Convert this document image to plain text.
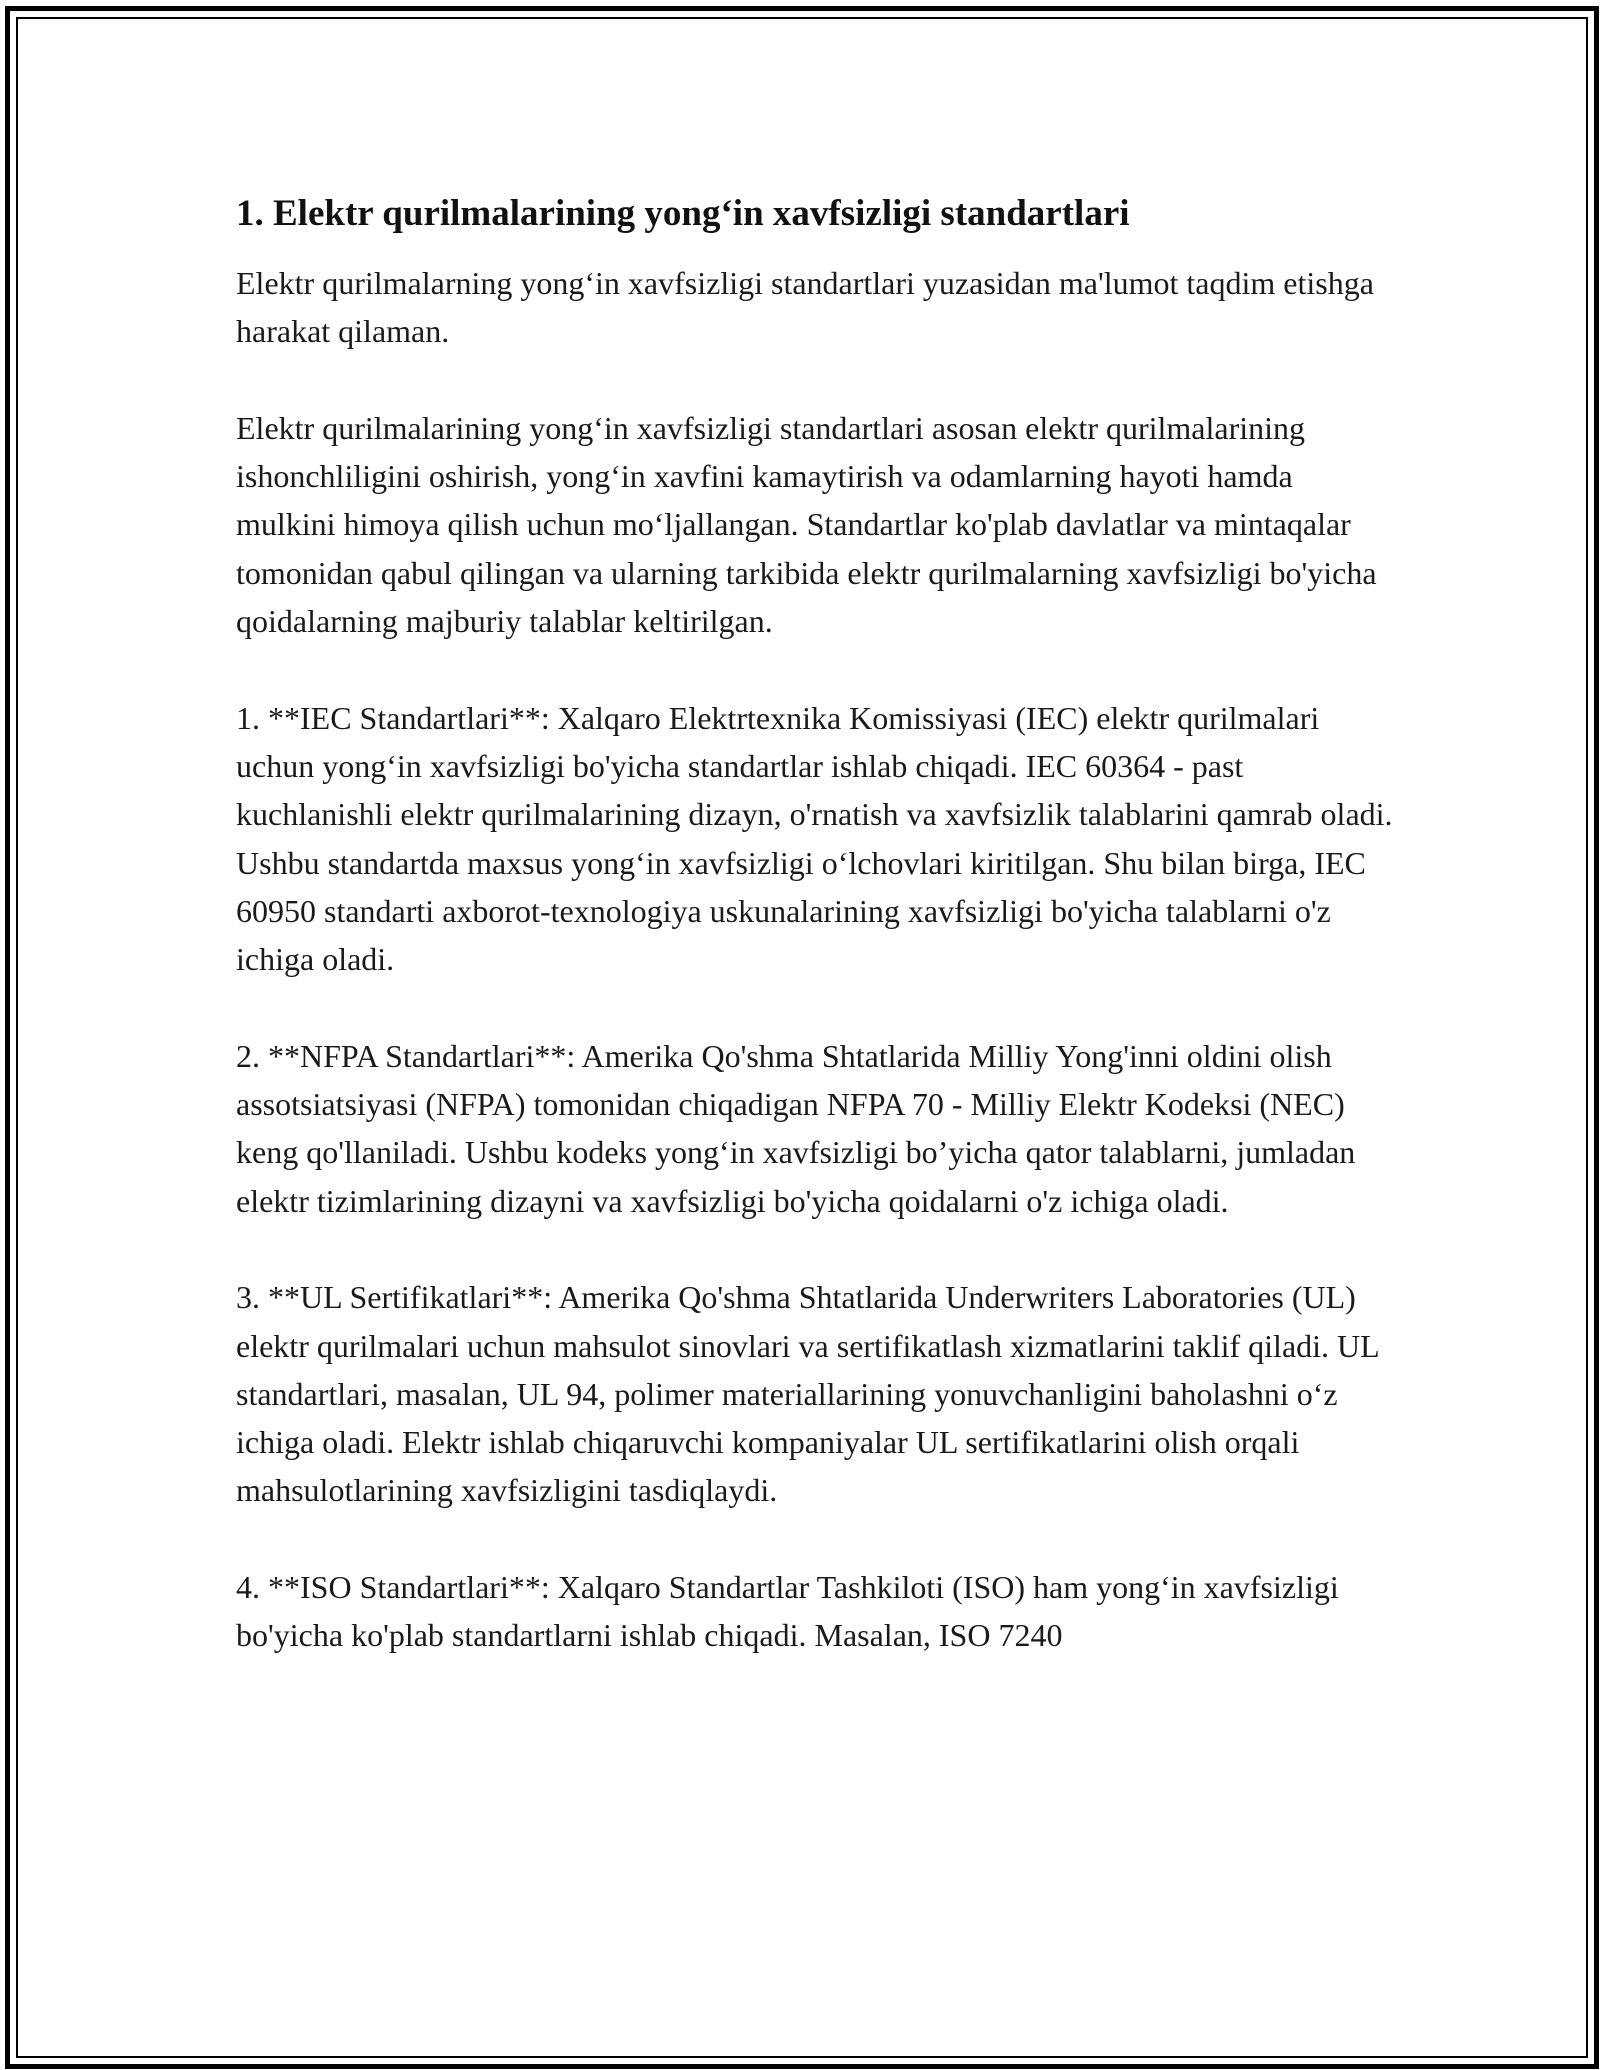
1. Elektr qurilmalarining yong‘in xavfsizligi standartlari

Elektr qurilmalarning yong‘in xavfsizligi standartlari yuzasidan ma'lumot taqdim etishga harakat qilaman.

Elektr qurilmalarining yong‘in xavfsizligi standartlari asosan elektr qurilmalarining ishonchliligini oshirish, yong‘in xavfini kamaytirish va odamlarning hayoti hamda mulkini himoya qilish uchun mo‘ljallangan. Standartlar ko'plab davlatlar va mintaqalar tomonidan qabul qilingan va ularning tarkibida elektr qurilmalarning xavfsizligi bo'yicha qoidalarning majburiy talablar keltirilgan.

1. **IEC Standartlari**: Xalqaro Elektrtexnika Komissiyasi (IEC) elektr qurilmalari uchun yong‘in xavfsizligi bo'yicha standartlar ishlab chiqadi. IEC 60364 - past kuchlanishli elektr qurilmalarining dizayn, o'rnatish va xavfsizlik talablarini qamrab oladi. Ushbu standartda maxsus yong‘in xavfsizligi o‘lchovlari kiritilgan. Shu bilan birga, IEC 60950 standarti axborot-texnologiya uskunalarining xavfsizligi bo'yicha talablarni o'z ichiga oladi.

2. **NFPA Standartlari**: Amerika Qo'shma Shtatlarida Milliy Yong'inni oldini olish assotsiatsiyasi (NFPA) tomonidan chiqadigan NFPA 70 - Milliy Elektr Kodeksi (NEC) keng qo'llaniladi. Ushbu kodeks yong‘in xavfsizligi bo’yicha qator talablarni, jumladan elektr tizimlarining dizayni va xavfsizligi bo'yicha qoidalarni o'z ichiga oladi.

3. **UL Sertifikatlari**: Amerika Qo'shma Shtatlarida Underwriters Laboratories (UL) elektr qurilmalari uchun mahsulot sinovlari va sertifikatlash xizmatlarini taklif qiladi. UL standartlari, masalan, UL 94, polimer materiallarining yonuvchanligini baholashni o‘z ichiga oladi. Elektr ishlab chiqaruvchi kompaniyalar UL sertifikatlarini olish orqali mahsulotlarining xavfsizligini tasdiqlaydi.

4. **ISO Standartlari**: Xalqaro Standartlar Tashkiloti (ISO) ham yong‘in xavfsizligi bo'yicha ko'plab standartlarni ishlab chiqadi. Masalan, ISO 7240
